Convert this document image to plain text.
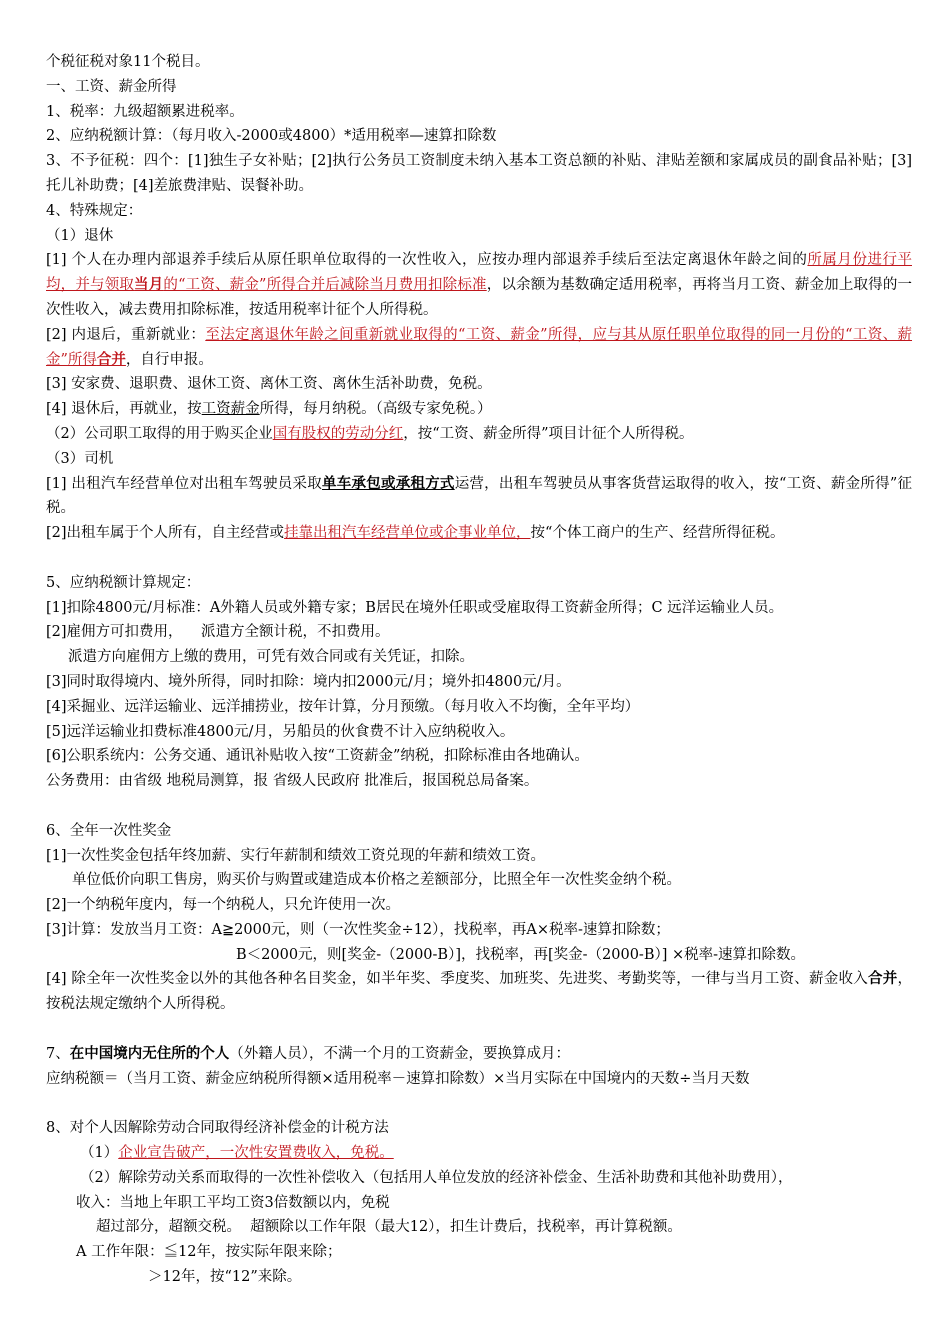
个税征税对象11个税目。
一、工资、薪金所得
1、税率：九级超额累进税率。
2、应纳税额计算：（每月收入-2000或4800）*适用税率—速算扣除数
3、不予征税：四个：[1]独生子女补贴；[2]执行公务员工资制度未纳入基本工资总额的补贴、津贴差额和家属成员的副食品补贴；[3]托儿补助费；[4]差旅费津贴、误餐补助。
4、特殊规定：
（1）退休
[1] 个人在办理内部退养手续后从原任职单位取得的一次性收入，应按办理内部退养手续后至法定离退休年龄之间的所属月份进行平均，并与领取当月的“工资、薪金”所得合并后减除当月费用扣除标准，以余额为基数确定适用税率，再将当月工资、薪金加上取得的一次性收入，减去费用扣除标准，按适用税率计征个人所得税。
[2] 内退后，重新就业：至法定离退休年龄之间重新就业取得的“工资、薪金”所得，应与其从原任职单位取得的同一月份的“工资、薪金”所得合并，自行申报。
[3] 安家费、退职费、退休工资、离休工资、离休生活补助费，免税。
[4] 退休后，再就业，按工资薪金所得，每月纳税。（高级专家免税。）
（2）公司职工取得的用于购买企业国有股权的劳动分红，按“工资、薪金所得”项目计征个人所得税。
（3）司机
[1] 出租汽车经营单位对出租车驾驶员采取单车承包或承租方式运营，出租车驾驶员从事客货营运取得的收入，按“工资、薪金所得”征税。
[2]出租车属于个人所有，自主经营或挂靠出租汽车经营单位或企事业单位，按“个体工商户的生产、经营所得征税。
5、应纳税额计算规定：
[1]扣除4800元/月标准：A外籍人员或外籍专家；B居民在境外任职或受雇取得工资薪金所得；C 远洋运输业人员。
[2]雇佣方可扣费用，    派遣方全额计税，不扣费用。
派遣方向雇佣方上缴的费用，可凭有效合同或有关凭证，扣除。
[3]同时取得境内、境外所得，同时扣除：境内扣2000元/月；境外扣4800元/月。
[4]采掘业、远洋运输业、远洋捕捞业，按年计算，分月预缴。（每月收入不均衡，全年平均）
[5]远洋运输业扣费标准4800元/月，另船员的伙食费不计入应纳税收入。
[6]公职系统内：公务交通、通讯补贴收入按“工资薪金”纳税，扣除标准由各地确认。
公务费用：由省级 地税局测算，报 省级人民政府 批准后，报国税总局备案。
6、全年一次性奖金
[1]一次性奖金包括年终加薪、实行年薪制和绩效工资兑现的年薪和绩效工资。
单位低价向职工售房，购买价与购置或建造成本价格之差额部分，比照全年一次性奖金纳个税。
[2]一个纳税年度内，每一个纳税人，只允许使用一次。
[3]计算：发放当月工资：A≧2000元，则（一次性奖金÷12），找税率，再A×税率-速算扣除数；
B＜2000元，则[奖金-（2000-B）]，找税率，再[奖金-（2000-B）] ×税率-速算扣除数。
[4] 除全年一次性奖金以外的其他各种名目奖金，如半年奖、季度奖、加班奖、先进奖、考勤奖等，一律与当月工资、薪金收入合并，按税法规定缴纳个人所得税。
7、在中国境内无住所的个人（外籍人员），不满一个月的工资薪金，要换算成月：
应纳税额＝（当月工资、薪金应纳税所得额×适用税率－速算扣除数）×当月实际在中国境内的天数÷当月天数
8、对个人因解除劳动合同取得经济补偿金的计税方法
（1）企业宣告破产，一次性安置费收入，免税。
（2）解除劳动关系而取得的一次性补偿收入（包括用人单位发放的经济补偿金、生活补助费和其他补助费用），
收入：当地上年职工平均工资3倍数额以内，免税
超过部分，超额交税。  超额除以工作年限（最大12），扣生计费后，找税率，再计算税额。
A 工作年限：≦12年，按实际年限来除；
＞12年，按“12”来除。
